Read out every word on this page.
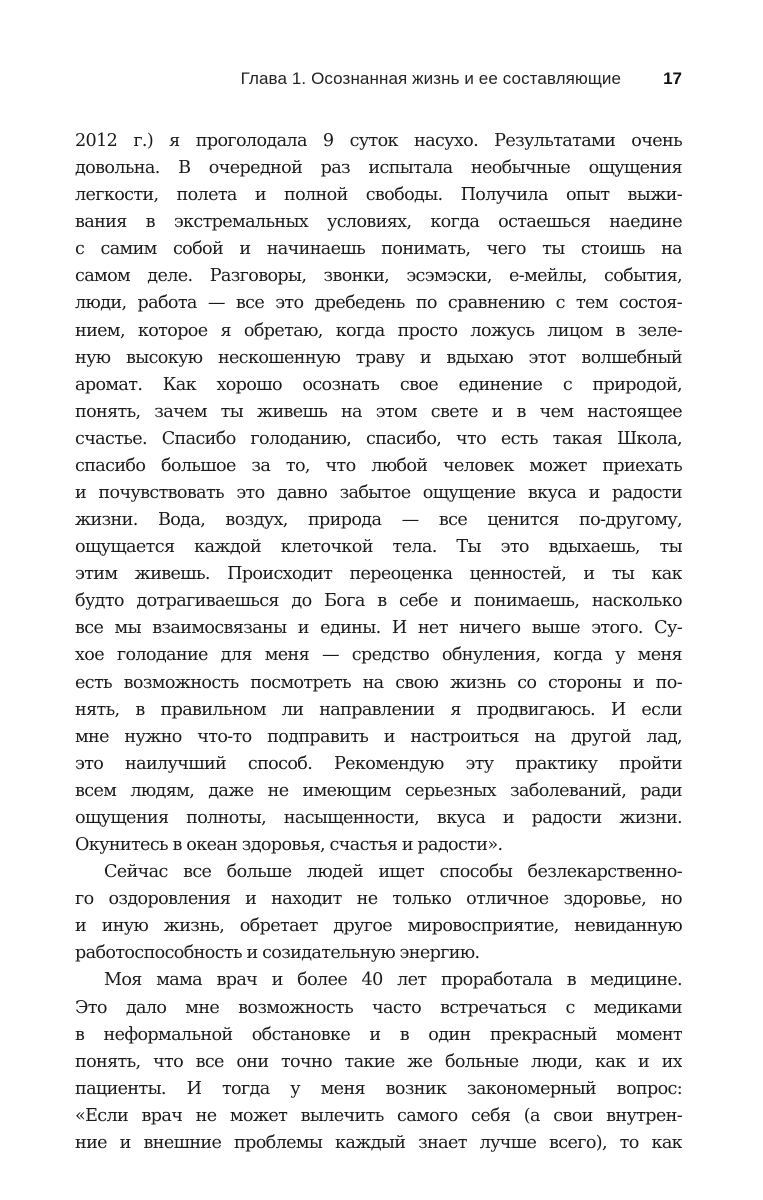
Глава 1. Осознанная жизнь и ее составляющие 17
2012 г.) я проголодала 9 суток насухо. Результатами очень
довольна. В очередной раз испытала необычные ощущения
легкости, полета и полной свободы. Получила опыт выжи-
вания в экстремальных условиях, когда остаешься наедине
с самим собой и начинаешь понимать, чего ты стоишь на
самом деле. Разговоры, звонки, эсэмэски, е-мейлы, события,
люди, работа — все это дребедень по сравнению с тем состоя-
нием, которое я обретаю, когда просто ложусь лицом в зеле-
ную высокую нескошенную траву и вдыхаю этот волшебный
аромат. Как хорошо осознать свое единение с природой,
понять, зачем ты живешь на этом свете и в чем настоящее
счастье. Спасибо голоданию, спасибо, что есть такая Школа,
спасибо большое за то, что любой человек может приехать
и почувствовать это давно забытое ощущение вкуса и радости
жизни. Вода, воздух, природа — все ценится по-другому,
ощущается каждой клеточкой тела. Ты это вдыхаешь, ты
этим живешь. Происходит переоценка ценностей, и ты как
будто дотрагиваешься до Бога в себе и понимаешь, насколько
все мы взаимосвязаны и едины. И нет ничего выше этого. Су-
хое голодание для меня — средство обнуления, когда у меня
есть возможность посмотреть на свою жизнь со стороны и по-
нять, в правильном ли направлении я продвигаюсь. И если
мне нужно что-то подправить и настроиться на другой лад,
это наилучший способ. Рекомендую эту практику пройти
всем людям, даже не имеющим серьезных заболеваний, ради
ощущения полноты, насыщенности, вкуса и радости жизни.
Окунитесь в океан здоровья, счастья и радости».
Сейчас все больше людей ищет способы безлекарственно-
го оздоровления и находит не только отличное здоровье, но
и иную жизнь, обретает другое мировосприятие, невиданную
работоспособность и созидательную энергию.
Моя мама врач и более 40 лет проработала в медицине.
Это дало мне возможность часто встречаться с медиками
в неформальной обстановке и в один прекрасный момент
понять, что все они точно такие же больные люди, как и их
пациенты. И тогда у меня возник закономерный вопрос:
«Если врач не может вылечить самого себя (а свои внутрен-
ние и внешние проблемы каждый знает лучше всего), то как
